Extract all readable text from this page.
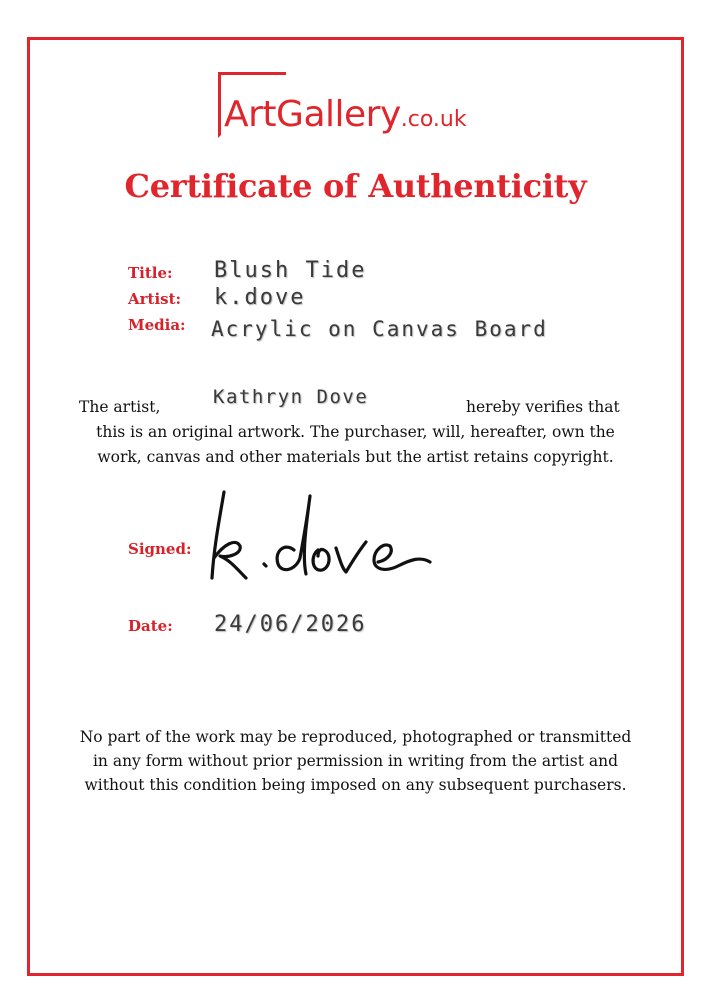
ArtGallery.co.uk
Certificate of Authenticity
Title: Blush Tide
Artist: k.dove
Media: Acrylic on Canvas Board
The artist,	Kathryn Dove	hereby verifies that
this is an original artwork. The purchaser, will, hereafter, own the
work, canvas and other materials but the artist retains copyright.
Signed:
Date: 24/06/2026
No part of the work may be reproduced, photographed or transmitted
in any form without prior permission in writing from the artist and
without this condition being imposed on any subsequent purchasers.
